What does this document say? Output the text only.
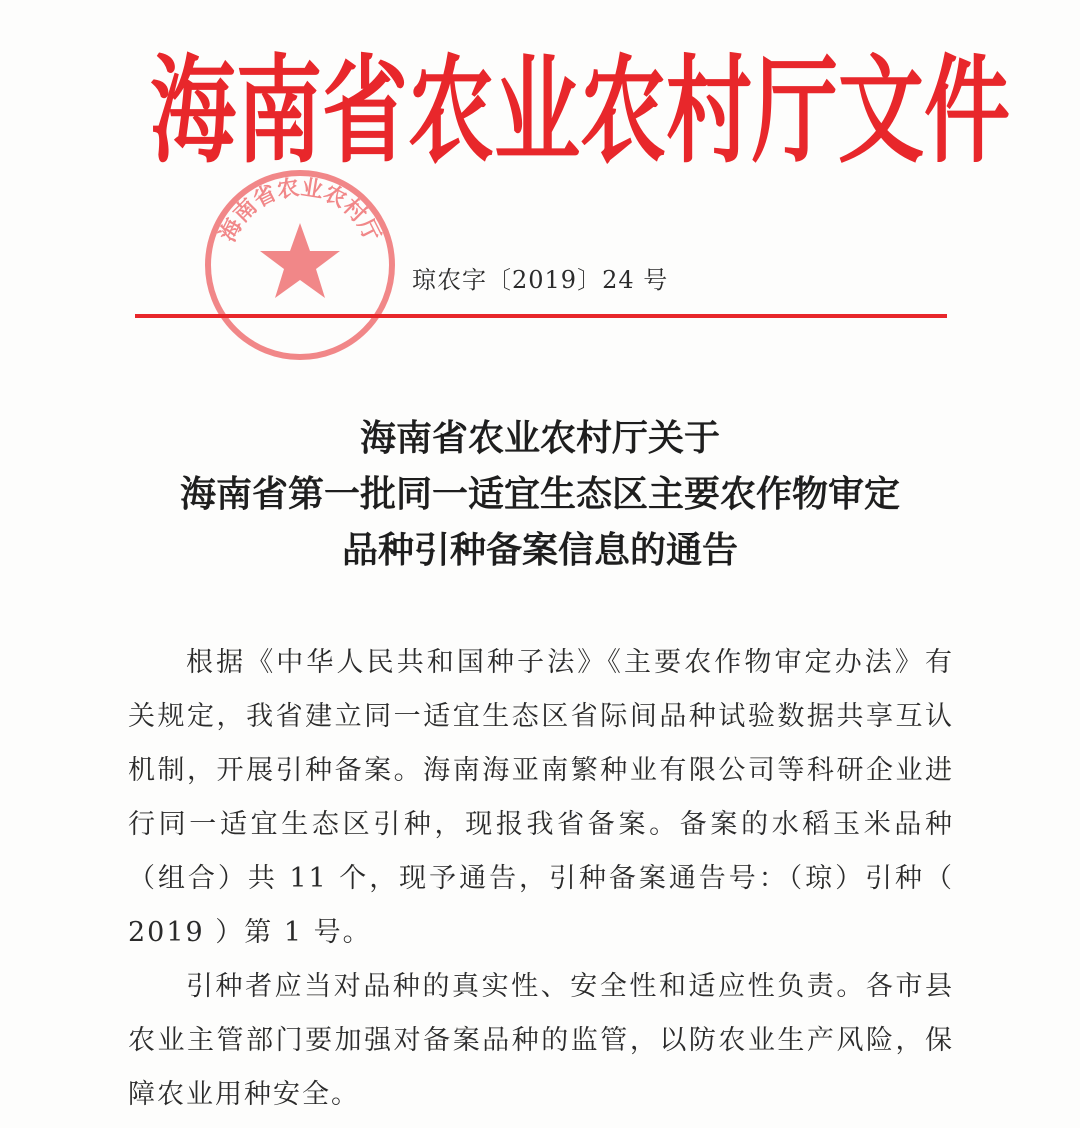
海南省农业农村厅文件
海南省农业农村厅
琼农字〔2019〕24 号
海南省农业农村厅关于
海南省第一批同一适宜生态区主要农作物审定
品种引种备案信息的通告

根据《中华人民共和国种子法》《主要农作物审定办法》有关规定，我省建立同一适宜生态区省际间品种试验数据共享互认机制，开展引种备案。海南海亚南繁种业有限公司等科研企业进行同一适宜生态区引种，现报我省备案。备案的水稻玉米品种（组合）共 11 个，现予通告，引种备案通告号：（琼）引种（ 2019 ）第 1 号。

引种者应当对品种的真实性、安全性和适应性负责。各市县农业主管部门要加强对备案品种的监管，以防农业生产风险，保障农业用种安全。
